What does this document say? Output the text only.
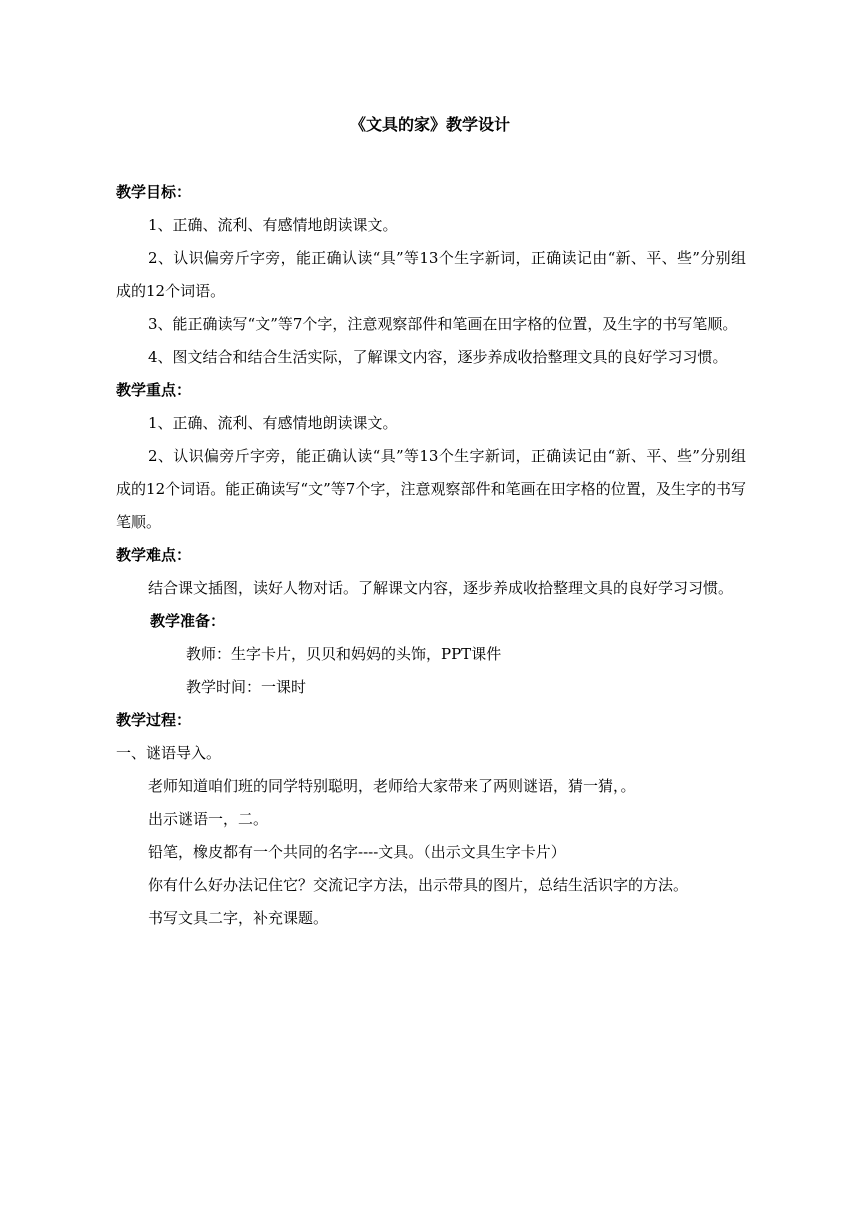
《文具的家》教学设计
教学目标：

1、正确、流利、有感情地朗读课文。

2、认识偏旁斤字旁，能正确认读“具”等13个生字新词，正确读记由“新、平、些”分别组成的12个词语。

3、能正确读写“文”等7个字，注意观察部件和笔画在田字格的位置，及生字的书写笔顺。

4、图文结合和结合生活实际，了解课文内容，逐步养成收拾整理文具的良好学习习惯。

教学重点：

1、正确、流利、有感情地朗读课文。

2、认识偏旁斤字旁，能正确认读“具”等13个生字新词，正确读记由“新、平、些”分别组成的12个词语。能正确读写“文”等7个字，注意观察部件和笔画在田字格的位置，及生字的书写笔顺。

教学难点：

结合课文插图，读好人物对话。了解课文内容，逐步养成收拾整理文具的良好学习习惯。

教学准备：

教师：生字卡片，贝贝和妈妈的头饰，PPT课件

教学时间：一课时

教学过程：

一、谜语导入。

老师知道咱们班的同学特别聪明，老师给大家带来了两则谜语，猜一猜，。

出示谜语一，二。

铅笔，橡皮都有一个共同的名字----文具。（出示文具生字卡片）

你有什么好办法记住它？交流记字方法，出示带具的图片，总结生活识字的方法。

书写文具二字，补充课题。
